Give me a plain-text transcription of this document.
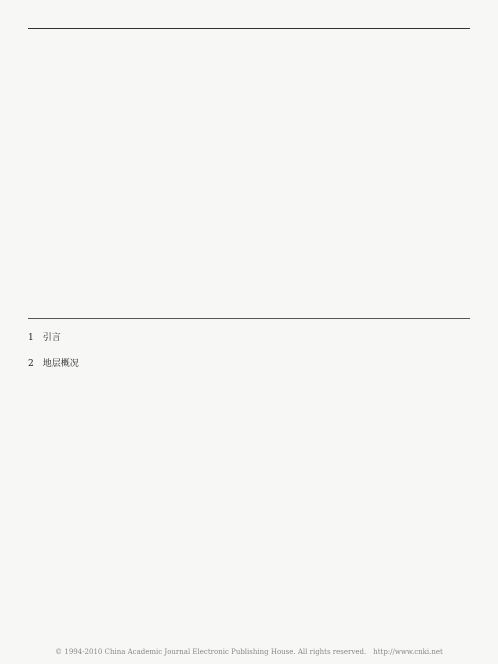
1　引言

2　地层概况

© 1994-2010 China Academic Journal Electronic Publishing House. All rights reserved.　http://www.cnki.net
